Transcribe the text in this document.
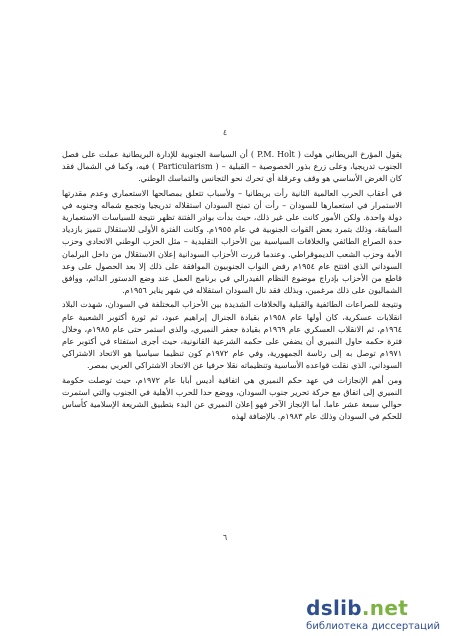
٤

يقول المؤرخ البريطاني هولت ( P.M. Holt ) أن السياسة الجنوبية للإدارة البريطانية عملت على فصل الجنوب تدريجيا، وعلى زرع بذور الخصوصية – القبلية – ( Particularism ) فيه، وكما في الشمال فقد كان الغرض الأساسي هو وقف وعرقلة أي تحرك نحو التجانس والتماسك الوطني.

في أعقاب الحرب العالمية الثانية رأت بريطانيا – ولأسباب تتعلق بمصالحها الاستعماري وعدم مقدرتها الاستمرار في استعمارها للسودان – رأت أن تمنح السودان استقلاله تدريجيا وتجمع شماله وجنوبه في دولة واحدة. ولكن الأمور كانت على غير ذلك، حيث بدأت بوادر الفتنة تظهر نتيجة للسياسات الاستعمارية السابقة، وذلك بتمرد بعض القوات الجنوبية في عام ١٩٥٥م. وكانت الفترة الأولى للاستقلال تتميز بازدياد حدة الصراع الطائفي والخلافات السياسية بين الأحزاب التقليدية – مثل الحزب الوطني الاتحادي وحزب الأمة وحزب الشعب الديموقراطي. وعندما قررت الأحزاب السودانية إعلان الاستقلال من داخل البرلمان السوداني الذي افتتح عام ١٩٥٤م رفض النواب الجنوبيون الموافقة على ذلك إلا بعد الحصول على وعد قاطع من الأحزاب بإدراج موضوع النظام الفيدرالي في برنامج العمل عند وضع الدستور الدائم، ووافق الشماليون على ذلك مرغمين، وبذلك فقد نال السودان استقلاله في شهر يناير ١٩٥٦م.

ونتيجة للصراعات الطائفية والقبلية والخلافات الشديدة بين الأحزاب المختلفة في السودان، شهدت البلاد انقلابات عسكرية، كان أولها عام ١٩٥٨م بقيادة الجنرال إبراهيم عبود، ثم ثورة أكتوبر الشعبية عام ١٩٦٤م، ثم الانقلاب العسكري عام ١٩٦٩م بقيادة جعفر النميري، والذي استمر حتى عام ١٩٨٥م، وخلال فترة حكمه حاول النميري أن يضفي على حكمه الشرعية القانونية، حيث أجرى استفتاء في أكتوبر عام ١٩٧١م توصل به إلى رئاسة الجمهورية، وفي عام ١٩٧٢م كون تنظيما سياسيا هو الاتحاد الاشتراكي السوداني، الذي نقلت قواعده الأساسية وتنظيماته نقلا حرفيا عن الاتحاد الاشتراكي العربي بمصر.

ومن أهم الإنجازات في عهد حكم النميري هي اتفاقية أديس أبابا عام ١٩٧٢م، حيث توصلت حكومة النميري إلى اتفاق مع حركة تحرير جنوب السودان، ووضع حدا للحرب الأهلية في الجنوب والتي استمرت حوالي سبعة عشر عاما. أما الإنجاز الآخر فهو إعلان النميري عن البدء بتطبيق الشريعة الإسلامية كأساس للحكم في السودان وذلك عام ١٩٨٣م. بالإضافة لهذه

٦
dslib.net
библиотека диссертаций
